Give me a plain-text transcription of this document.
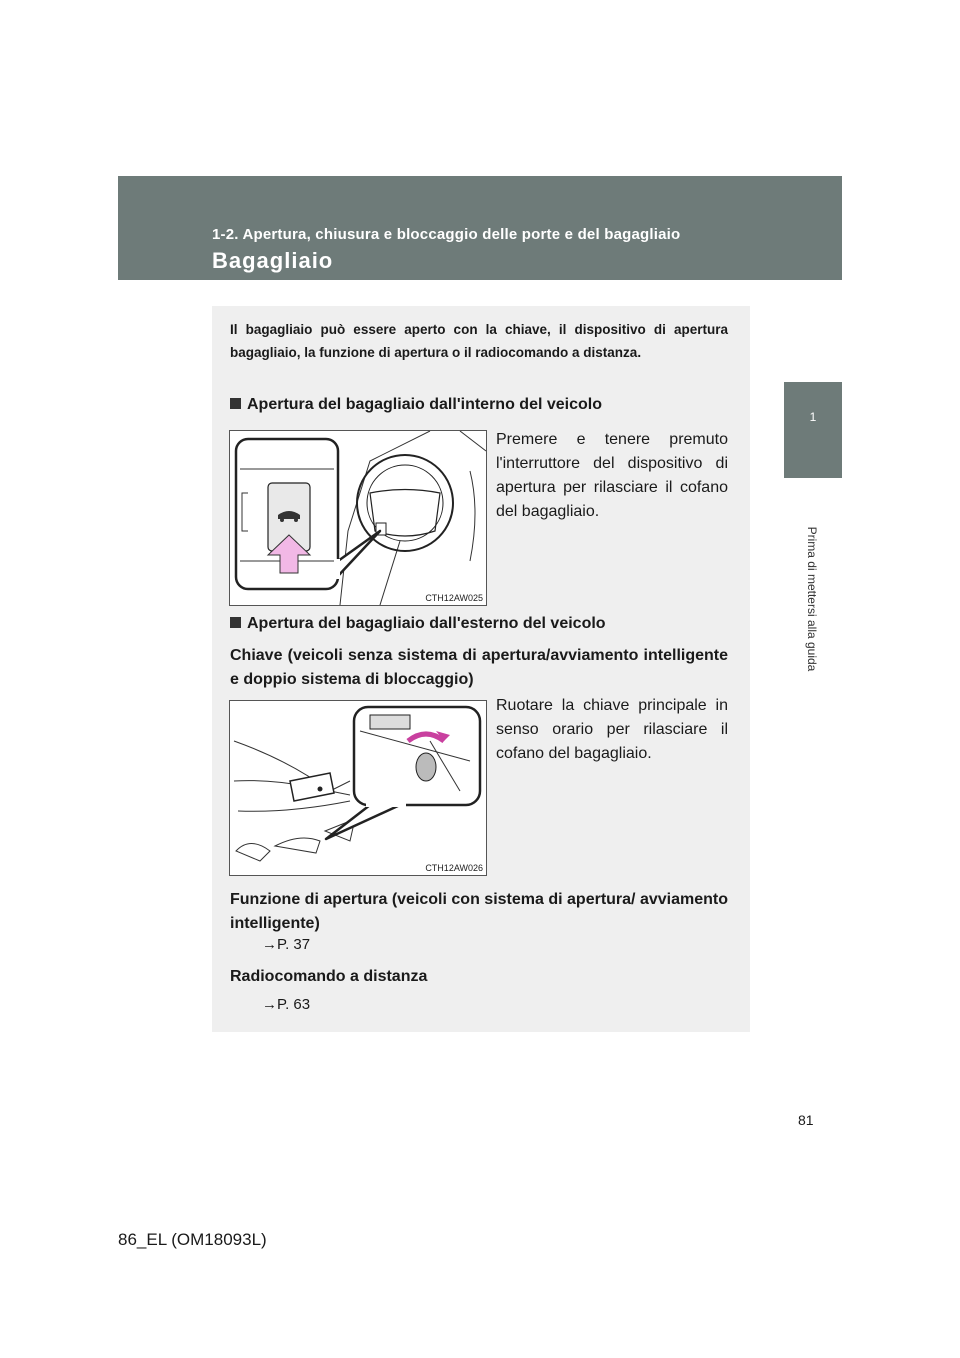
1-2. Apertura, chiusura e bloccaggio delle porte e del bagagliaio
Bagagliaio
1
Prima di mettersi alla guida
Il bagagliaio può essere aperto con la chiave, il dispositivo di apertura bagagliaio, la funzione di apertura o il radiocomando a distanza.
Apertura del bagagliaio dall'interno del veicolo
CTH12AW025
Premere e tenere premuto l'interruttore del dispositivo di apertura per rilasciare il cofano del bagagliaio.
Apertura del bagagliaio dall'esterno del veicolo
Chiave (veicoli senza sistema di apertura/avviamento intelligente e doppio sistema di bloccaggio)
CTH12AW026
Ruotare la chiave principale in senso orario per rilasciare il cofano del bagagliaio.
Funzione di apertura (veicoli con sistema di apertura/ avviamento intelligente)
→P. 37
Radiocomando a distanza
→P. 63
81
86_EL (OM18093L)
